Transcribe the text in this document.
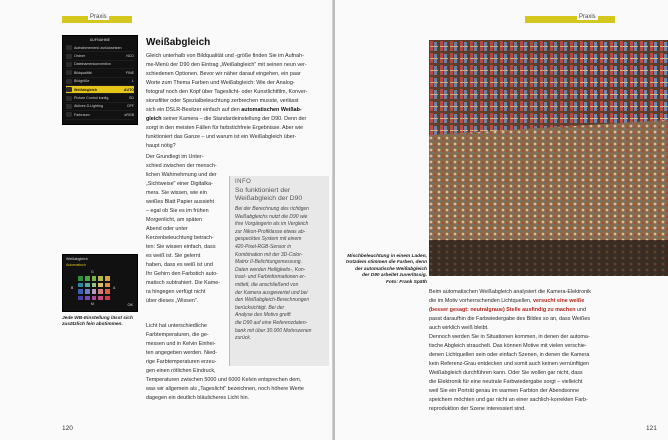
Praxis
AUFNAHME
Aufnahmemenü zurücksetzen
Ordner	NCD
Dateinamenkonvention
Bildqualität	FINE
Bildgröße	L
Weißabgleich	AUTO
Picture Control konfig.	SD
Aktives D-Lighting	OFF
Farbraum	sRGB
Weißabgleich
Gleich unterhalb von Bildqualität und -größe finden Sie im Aufnah-
me-Menü der D90 den Eintrag „Weißabgleich" mit seinen neun ver-
schiedenen Optionen. Bevor wir näher darauf eingehen, ein paar
Worte zum Thema Farben und Weißabgleich: Wie der Analog-
fotograf noch den Kopf über Tageslicht- oder Kunstlichtfilm, Konver-
sionsfilter oder Spezialbeleuchtung zerbrechen musste, verlässt
sich ein DSLR-Besitzer einfach auf den automatischen Weißab-
gleich seiner Kamera – die Standardeinstellung der D90. Denn der
sorgt in den meisten Fällen für farbstichfreie Ergebnisse. Aber wie
funktioniert das Ganze – und warum ist ein Weißabgleich über-
haupt nötig?
Der Grundlegt im Unter-
schied zwischen der mensch-
lichen Wahrnehmung und der
„Sichtweise" einer Digitalka-
mera. Sie wissen, wie ein
weißes Blatt Papier aussieht
– egal ob Sie es im frühen
Morgenlicht, am späten
Abend oder unter
Kerzenbeleuchtung betrach-
ten: Sie wissen einfach, dass
es weiß ist. Sie gelernt
haben, dass es weiß ist und
Ihr Gehirn den Farbstich auto-
matisch subtrahiert. Die Kame-
ra hingegen verfügt nicht
über dieses „Wissen".
Weißabgleich
Automatisch
G
B	A
M	OK
Jede WB-Einstellung lässt sich
zusätzlich fein abstimmen.	Licht hat unterschiedliche
Farbtemperaturen, die ge-
messen und in Kelvin Einhei-
ten angegeben werden. Nied-
rige Farbtemperaturen erzeu-
gen einen rötlichen Eindruck,
Temperaturen zwischen 5000 und 6000 Kelvin entsprechen dem,
was wir allgemein als „Tageslicht" bezeichnen, noch höhere Werte
dagegen ein deutlich bläulicheres Licht hin.
INFO
So funktioniert der
Weißabgleich der D90
Bei der Berechnung des richtigen
Weißabgleichs nutzt die D90 wie
ihre Vorgängerin als im Vergleich
zur Nikon-Profiklasse etwas ab-
gespecktes System mit einem
420-Pixel-RGB-Sensor in
Kombination mit der 3D-Color-
Matrix II-Belichtungsmessung.
Daten werden Helligkeits-, Kon-
trast- und Farbinformationen er-
mittelt, die anschließend von
der Kamera ausgewertet und bei
den Weißabgleich-Berechnungen
berücksichtigt. Bei der
Analyse des Motivs greift
die D90 auf eine Referenzdaten-
bank mit über 30.000 Motivszenen
zurück.
120
Praxis
Mischbeleuchtung in einem Laden,
trotzdem stimmen die Farben, denn
der automatische Weißabgleich
der D90 arbeitet zuverlässig.
Foto: Frank Späth
Beim automatischen Weißabgleich analysiert die Kamera-Elektronik
die im Motiv vorherrschenden Lichtquellen, versucht eine weiße
(besser gesagt: neutralgraue) Stelle ausfindig zu machen und
passt daraufhin die Farbwiedergabe des Bildes so an, dass Weißes
auch wirklich weiß bleibt.
Dennoch werden Sie in Situationen kommen, in denen der automa-
tische Abgleich strauchelt. Das können Motive mit vielen verschie-
denen Lichtquellen sein oder einfach Szenen, in denen die Kamera
kein Referenz-Grau entdecken und somit auch keinen vernünftigen
Weißabgleich durchführen kann. Oder Sie wollen gar nicht, dass
die Elektronik für eine neutrale Farbwiedergabe sorgt – vielleicht
weil Sie ein Porträt genau im warmen Farbton der Abendsonne
speichern möchten und gar nicht an einer sachlich-korrekten Farb-
reproduktion der Szene interessiert sind.
121
